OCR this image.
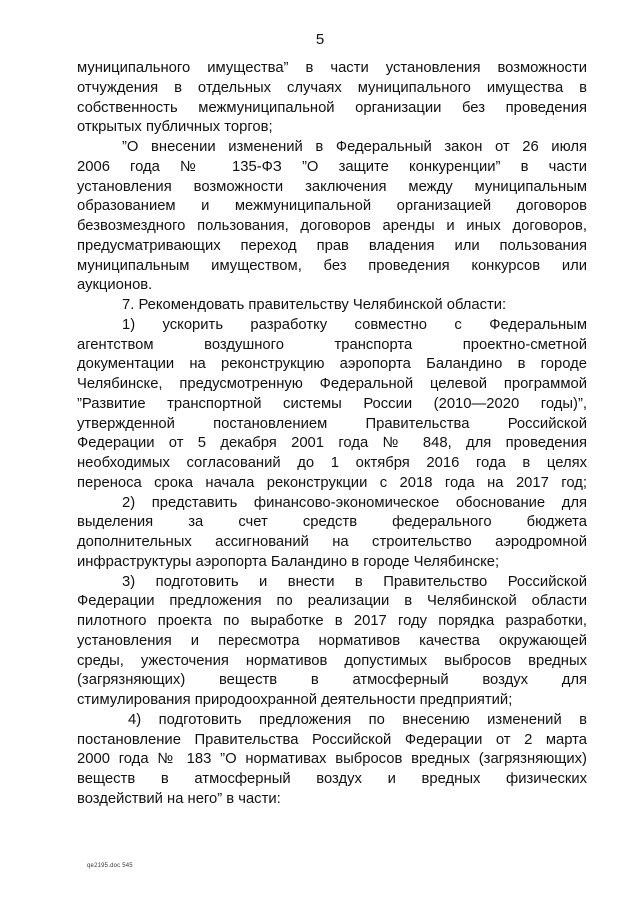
5
муниципального имущества” в части установления возможности
отчуждения в отдельных случаях муниципального имущества в
собственность межмуниципальной организации без проведения
открытых публичных торгов;
”О внесении изменений в Федеральный закон от 26 июля
2006 года № 135-ФЗ ”О защите конкуренции” в части
установления возможности заключения между муниципальным
образованием и межмуниципальной организацией договоров
безвозмездного пользования, договоров аренды и иных договоров,
предусматривающих переход прав владения или пользования
муниципальным имуществом, без проведения конкурсов или
аукционов.
7. Рекомендовать правительству Челябинской области:
1) ускорить разработку совместно с Федеральным
агентством воздушного транспорта проектно-сметной
документации на реконструкцию аэропорта Баландино в городе
Челябинске, предусмотренную Федеральной целевой программой
”Развитие транспортной системы России (2010—2020 годы)”,
утвержденной постановлением Правительства Российской
Федерации от 5 декабря 2001 года № 848, для проведения
необходимых согласований до 1 октября 2016 года в целях
переноса срока начала реконструкции с 2018 года на 2017 год;
2) представить финансово-экономическое обоснование для
выделения за счет средств федерального бюджета
дополнительных ассигнований на строительство аэродромной
инфраструктуры аэропорта Баландино в городе Челябинске;
3) подготовить и внести в Правительство Российской
Федерации предложения по реализации в Челябинской области
пилотного проекта по выработке в 2017 году порядка разработки,
установления и пересмотра нормативов качества окружающей
среды, ужесточения нормативов допустимых выбросов вредных
(загрязняющих) веществ в атмосферный воздух для
стимулирования природоохранной деятельности предприятий;
4) подготовить предложения по внесению изменений в
постановление Правительства Российской Федерации от 2 марта
2000 года № 183 ”О нормативах выбросов вредных (загрязняющих)
веществ в атмосферный воздух и вредных физических
воздействий на него” в части:
qe2195.doc 545
